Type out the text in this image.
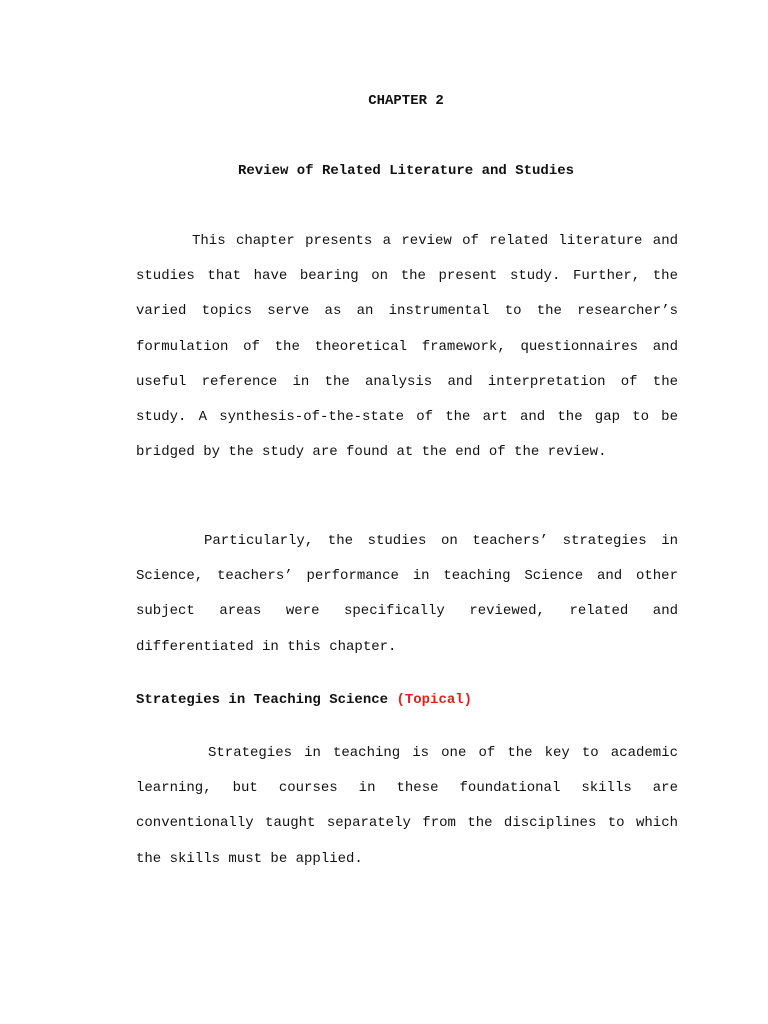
CHAPTER 2
Review of Related Literature and Studies

This chapter presents a review of related literature and studies that have bearing on the present study. Further, the varied topics serve as an instrumental to the researcher’s formulation of the theoretical framework, questionnaires and useful reference in the analysis and interpretation of the study. A synthesis-of-the-state of the art and the gap to be bridged by the study are found at the end of the review.

Particularly, the studies on teachers’ strategies in Science, teachers’ performance in teaching Science and other subject areas were specifically reviewed, related and differentiated in this chapter.

Strategies in Teaching Science (Topical)

Strategies in teaching is one of the key to academic learning, but courses in these foundational skills are conventionally taught separately from the disciplines to which the skills must be applied.
